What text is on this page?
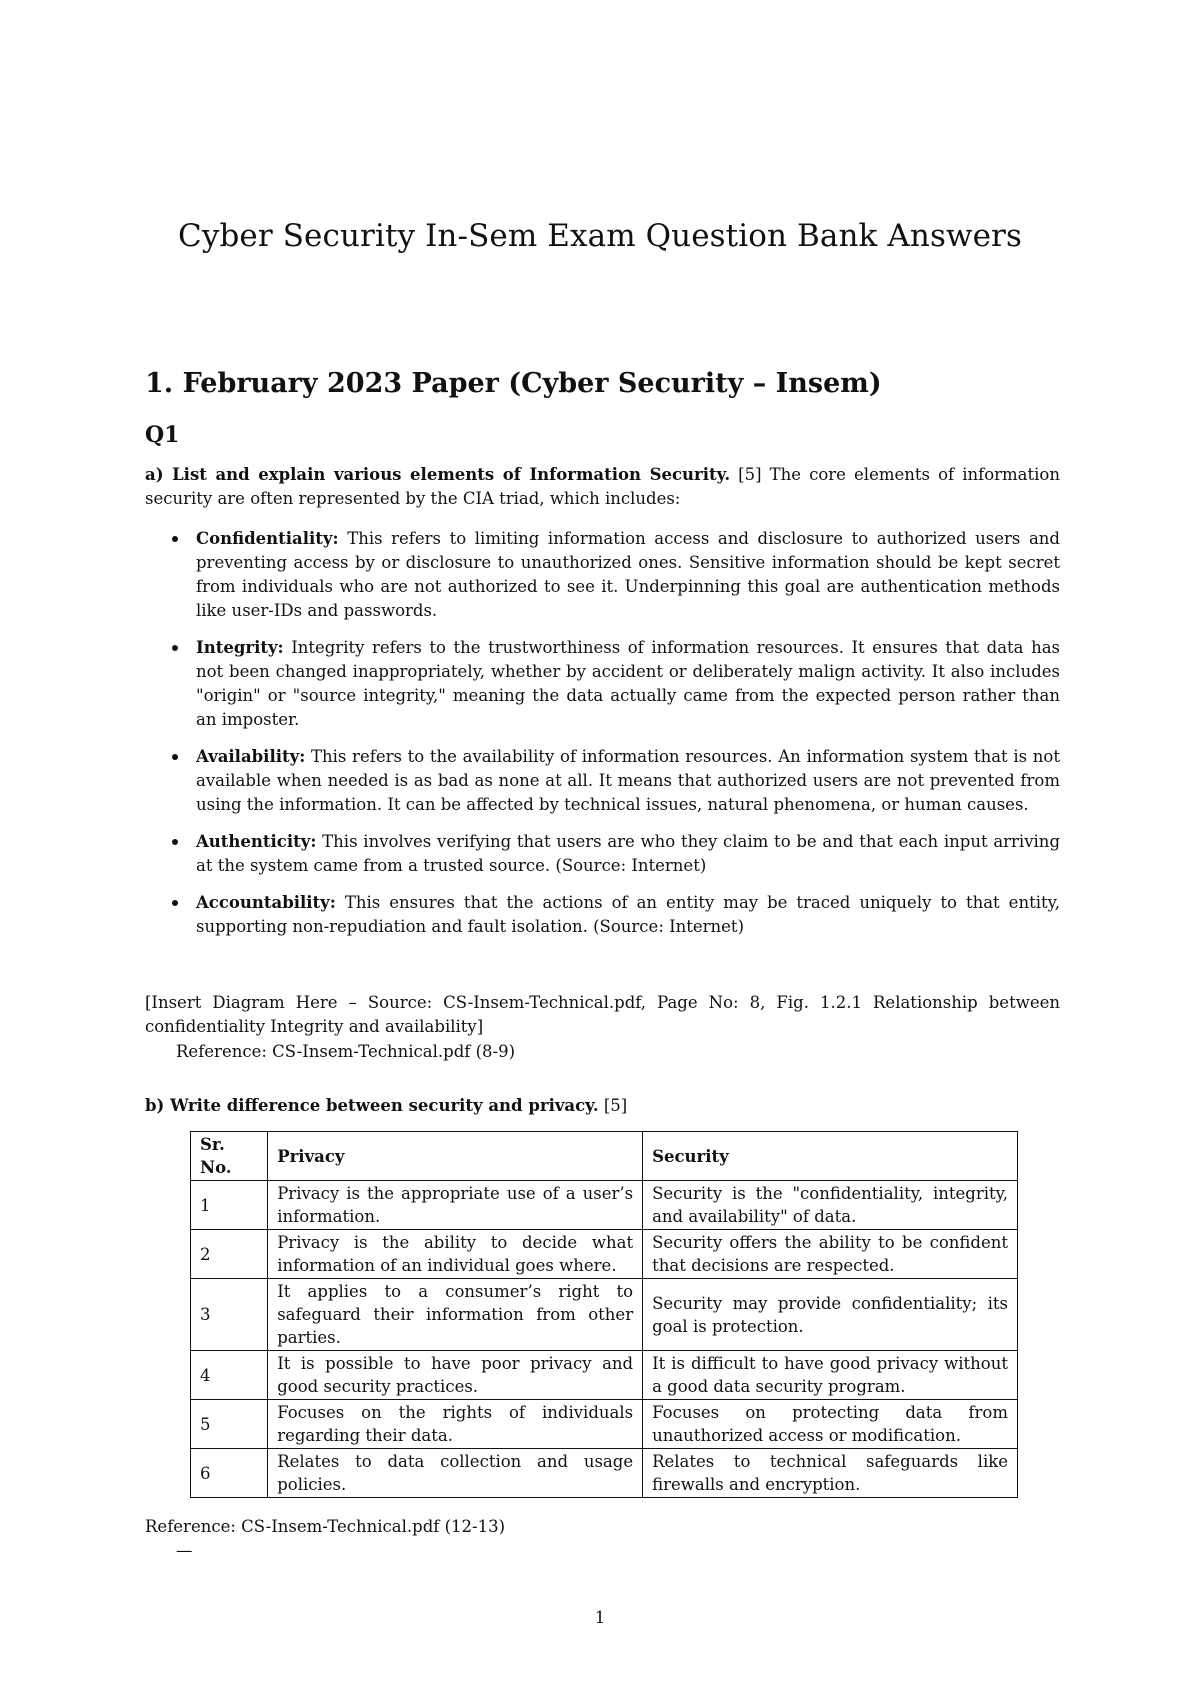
Cyber Security In-Sem Exam Question Bank Answers
1. February 2023 Paper (Cyber Security – Insem)
Q1

a) List and explain various elements of Information Security. [5] The core elements of information security are often represented by the CIA triad, which includes:

Confidentiality: This refers to limiting information access and disclosure to authorized users and preventing access by or disclosure to unauthorized ones. Sensitive information should be kept secret from individuals who are not authorized to see it. Underpinning this goal are authentication methods like user-IDs and passwords.
Integrity: Integrity refers to the trustworthiness of information resources. It ensures that data has not been changed inappropriately, whether by accident or deliberately malign activity. It also includes "origin" or "source integrity," meaning the data actually came from the expected person rather than an imposter.
Availability: This refers to the availability of information resources. An information system that is not available when needed is as bad as none at all. It means that authorized users are not prevented from using the information. It can be affected by technical issues, natural phenomena, or human causes.
Authenticity: This involves verifying that users are who they claim to be and that each input arriving at the system came from a trusted source. (Source: Internet)
Accountability: This ensures that the actions of an entity may be traced uniquely to that entity, supporting non-repudiation and fault isolation. (Source: Internet)

[Insert Diagram Here – Source: CS-Insem-Technical.pdf, Page No: 8, Fig. 1.2.1 Relationship between confidentiality Integrity and availability]

Reference: CS-Insem-Technical.pdf (8-9)

b) Write difference between security and privacy. [5]

Sr. No.	Privacy	Security
1	Privacy is the appropriate use of a user’s information.	Security is the "confidentiality, integrity, and availability" of data.
2	Privacy is the ability to decide what information of an individual goes where.	Security offers the ability to be confident that decisions are respected.
3	It applies to a consumer’s right to safeguard their information from other parties.	Security may provide confidentiality; its goal is protection.
4	It is possible to have poor privacy and good security practices.	It is difficult to have good privacy without a good data security program.
5	Focuses on the rights of individuals regarding their data.	Focuses on protecting data from unauthorized access or modification.
6	Relates to data collection and usage policies.	Relates to technical safeguards like firewalls and encryption.

Reference: CS-Insem-Technical.pdf (12-13)

—

1
